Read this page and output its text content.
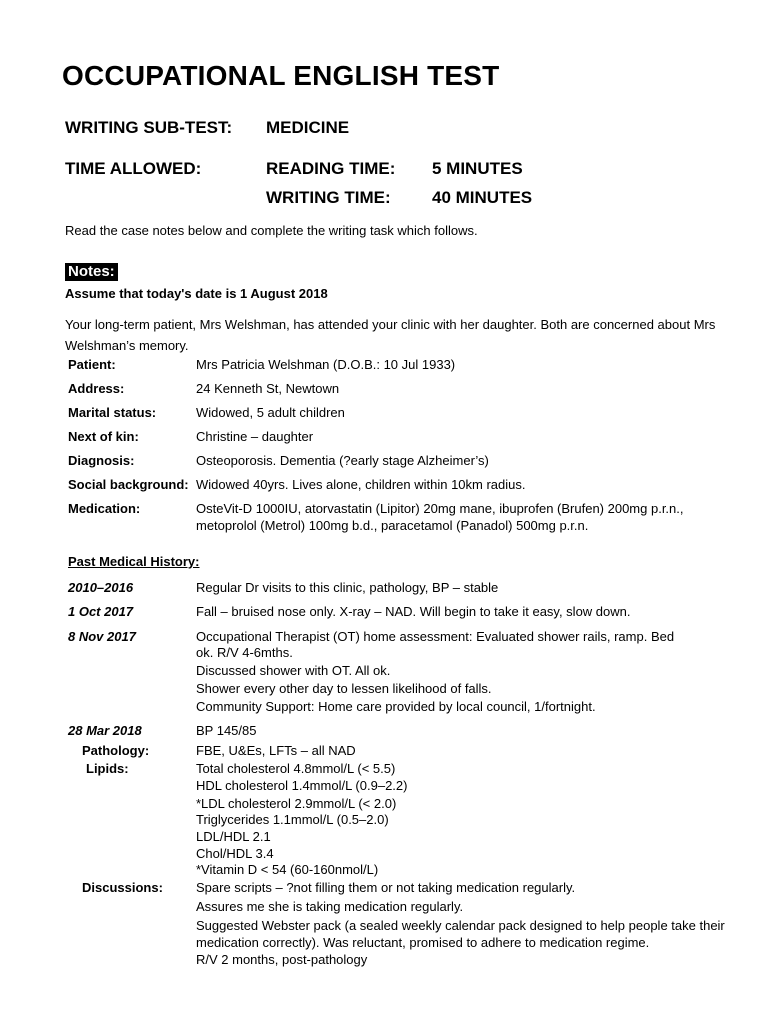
OCCUPATIONAL ENGLISH TEST
WRITING SUB-TEST: MEDICINE
TIME ALLOWED:	READING TIME: 5 MINUTES
WRITING TIME: 40 MINUTES
Read the case notes below and complete the writing task which follows.
Notes:
Assume that today's date is 1 August 2018
Your long-term patient, Mrs Welshman, has attended your clinic with her daughter. Both are concerned about Mrs
Welshman’s memory.
Patient:	Mrs Patricia Welshman (D.O.B.: 10 Jul 1933)
Address:	24 Kenneth St, Newtown
Marital status:	Widowed, 5 adult children
Next of kin:	Christine – daughter
Diagnosis:	Osteoporosis. Dementia (?early stage Alzheimer’s)
Social background: Widowed 40yrs. Lives alone, children within 10km radius.
Medication:	OsteVit-D 1000IU, atorvastatin (Lipitor) 20mg mane, ibuprofen (Brufen) 200mg p.r.n.,
metoprolol (Metrol) 100mg b.d., paracetamol (Panadol) 500mg p.r.n.
Past Medical History:
2010–2016	Regular Dr visits to this clinic, pathology, BP – stable
1 Oct 2017	Fall – bruised nose only. X-ray – NAD. Will begin to take it easy, slow down.
8 Nov 2017	Occupational Therapist (OT) home assessment: Evaluated shower rails, ramp. Bed
ok. R/V 4-6mths.
Discussed shower with OT. All ok.
Shower every other day to lessen likelihood of falls.
Community Support: Home care provided by local council, 1/fortnight.
28 Mar 2018	BP 145/85
Pathology:	FBE, U&Es, LFTs – all NAD
Lipids:	Total cholesterol 4.8mmol/L (< 5.5)
HDL cholesterol 1.4mmol/L (0.9–2.2)
*LDL cholesterol 2.9mmol/L (< 2.0)
Triglycerides 1.1mmol/L (0.5–2.0)
LDL/HDL 2.1
Chol/HDL 3.4
*Vitamin D < 54 (60-160nmol/L)
Discussions:	Spare scripts – ?not filling them or not taking medication regularly.
Assures me she is taking medication regularly.
Suggested Webster pack (a sealed weekly calendar pack designed to help people take their
medication correctly). Was reluctant, promised to adhere to medication regime.
R/V 2 months, post-pathology
